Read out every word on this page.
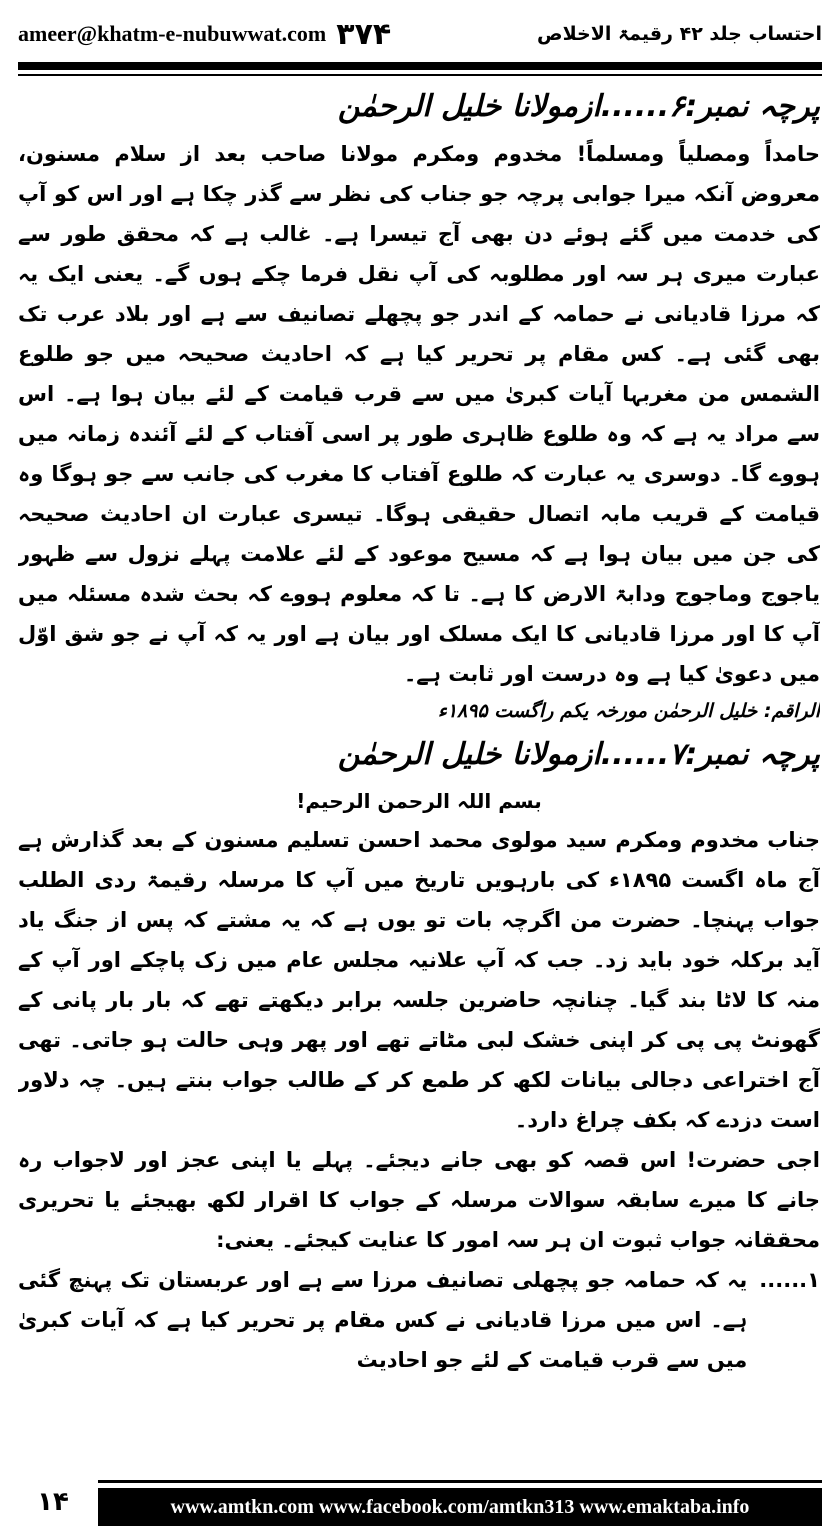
ameer@khatm-e-nubuwwat.com ۳۷۴	احتساب جلد ۴۲ رقیمۃ الاخلاص

پرچہ نمبر:۶......ازمولانا خلیل الرحمٰن

حامداً ومصلیاً ومسلماً! مخدوم ومکرم مولانا صاحب بعد از سلام مسنون، معروض آنکہ میرا جوابی پرچہ جو جناب کی نظر سے گذر چکا ہے اور اس کو آپ کی خدمت میں گئے ہوئے دن بھی آج تیسرا ہے۔ غالب ہے کہ محقق طور سے عبارت میری ہر سہ اور مطلوبہ کی آپ نقل فرما چکے ہوں گے۔ یعنی ایک یہ کہ مرزا قادیانی نے حمامہ کے اندر جو پچھلے تصانیف سے ہے اور بلاد عرب تک بھی گئی ہے۔ کس مقام پر تحریر کیا ہے کہ احادیث صحیحہ میں جو طلوع الشمس من مغربہا آیات کبریٰ میں سے قرب قیامت کے لئے بیان ہوا ہے۔ اس سے مراد یہ ہے کہ وہ طلوع ظاہری طور پر اسی آفتاب کے لئے آئندہ زمانہ میں ہووے گا۔ دوسری یہ عبارت کہ طلوع آفتاب کا مغرب کی جانب سے جو ہوگا وہ قیامت کے قریب مابہ اتصال حقیقی ہوگا۔ تیسری عبارت ان احادیث صحیحہ کی جن میں بیان ہوا ہے کہ مسیح موعود کے لئے علامت پہلے نزول سے ظہور یاجوج وماجوج ودابۃ الارض کا ہے۔ تا کہ معلوم ہووے کہ بحث شدہ مسئلہ میں آپ کا اور مرزا قادیانی کا ایک مسلک اور بیان ہے اور یہ کہ آپ نے جو شق اوّل میں دعویٰ کیا ہے وہ درست اور ثابت ہے۔

الراقم: خلیل الرحمٰن مورخہ یکم راگست ۱۸۹۵ء

پرچہ نمبر:۷......ازمولانا خلیل الرحمٰن

بسم اللہ الرحمن الرحیم!

جناب مخدوم ومکرم سید مولوی محمد احسن تسلیم مسنون کے بعد گذارش ہے آج ماہ اگست ۱۸۹۵ء کی بارہویں تاریخ میں آپ کا مرسلہ رقیمۃ ردی الطلب جواب پہنچا۔ حضرت من اگرچہ بات تو یوں ہے کہ یہ مشتے کہ پس از جنگ یاد آید برکلہ خود باید زد۔ جب کہ آپ علانیہ مجلس عام میں زک پاچکے اور آپ کے منہ کا لاٹا بند گیا۔ چنانچہ حاضرین جلسہ برابر دیکھتے تھے کہ بار بار پانی کے گھونٹ پی پی کر اپنی خشک لبی مٹاتے تھے اور پھر وہی حالت ہو جاتی۔ تھی آج اختراعی دجالی بیانات لکھ کر طمع کر کے طالب جواب بنتے ہیں۔ چہ دلاور است دزدے کہ بکف چراغ دارد۔

اجی حضرت! اس قصہ کو بھی جانے دیجئے۔ پہلے یا اپنی عجز اور لاجواب رہ جانے کا میرے سابقہ سوالات مرسلہ کے جواب کا اقرار لکھ بھیجئے یا تحریری محققانہ جواب ثبوت ان ہر سہ امور کا عنایت کیجئے۔ یعنی:

۱......
یہ کہ حمامہ جو پچھلی تصانیف مرزا سے ہے اور عربستان تک پہنچ گئی ہے۔ اس میں مرزا قادیانی نے کس مقام پر تحریر کیا ہے کہ آیات کبریٰ میں سے قرب قیامت کے لئے جو احادیث

۱۴	www.amtkn.com www.facebook.com/amtkn313 www.emaktaba.info
